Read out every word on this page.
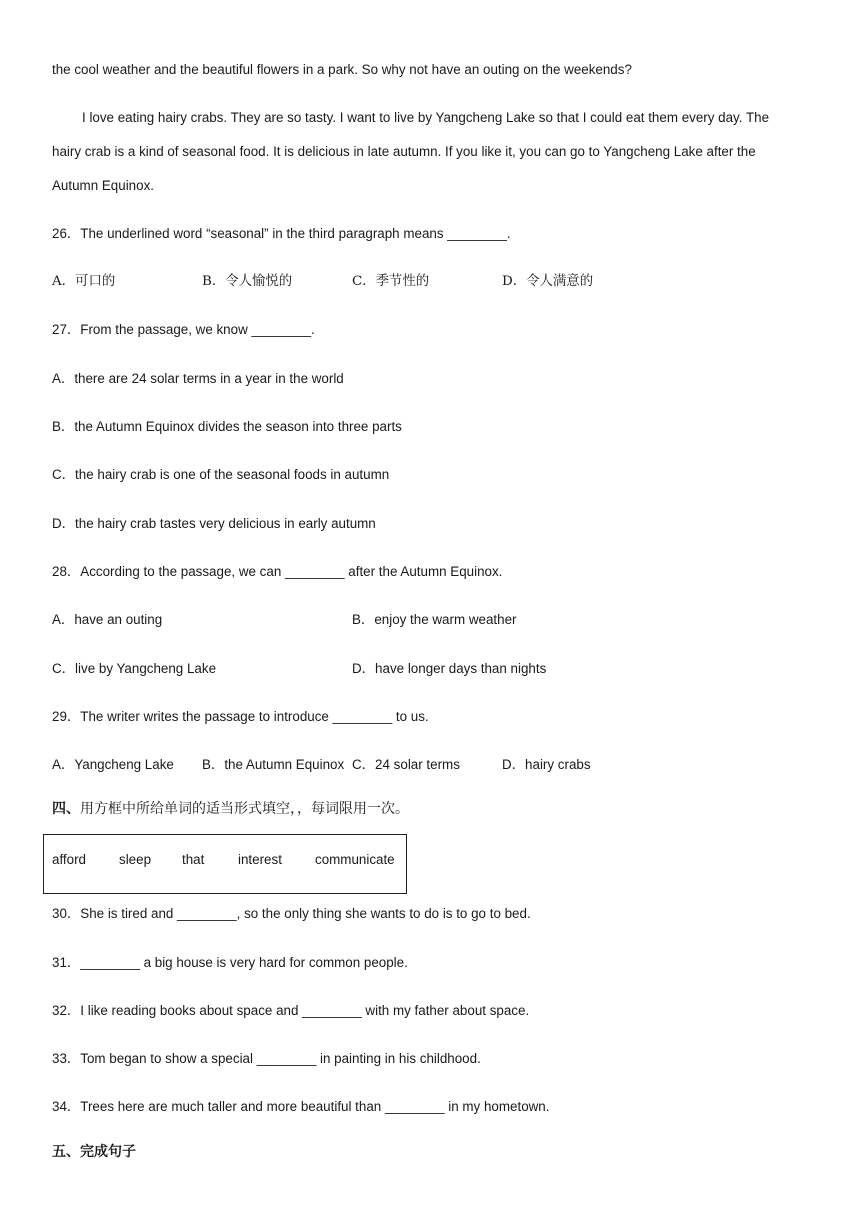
the cool weather and the beautiful flowers in a park. So why not have an outing on the weekends?
I love eating hairy crabs. They are so tasty. I want to live by Yangcheng Lake so that I could eat them every day. The
hairy crab is a kind of seasonal food. It is delicious in late autumn. If you like it, you can go to Yangcheng Lake after the
Autumn Equinox.
26．The underlined word “seasonal” in the third paragraph means ________.
A．可口的	B．令人愉悦的	C．季节性的	D．令人满意的
27．From the passage, we know ________.
A．there are 24 solar terms in a year in the world
B．the Autumn Equinox divides the season into three parts
C．the hairy crab is one of the seasonal foods in autumn
D．the hairy crab tastes very delicious in early autumn
28．According to the passage, we can ________ after the Autumn Equinox.
A．have an outing	B．enjoy the warm weather
C．live by Yangcheng Lake	D．have longer days than nights
29．The writer writes the passage to introduce ________ to us.
A．Yangcheng Lake B．the Autumn Equinox C．24 solar terms	D．hairy crabs
四、用方框中所给单词的适当形式填空，，每词限用一次。
afford sleep that	interest communicate
30．She is tired and ________, so the only thing she wants to do is to go to bed.
31．________ a big house is very hard for common people.
32．I like reading books about space and ________ with my father about space.
33．Tom began to show a special ________ in painting in his childhood.
34．Trees here are much taller and more beautiful than ________ in my hometown.
五、完成句子
